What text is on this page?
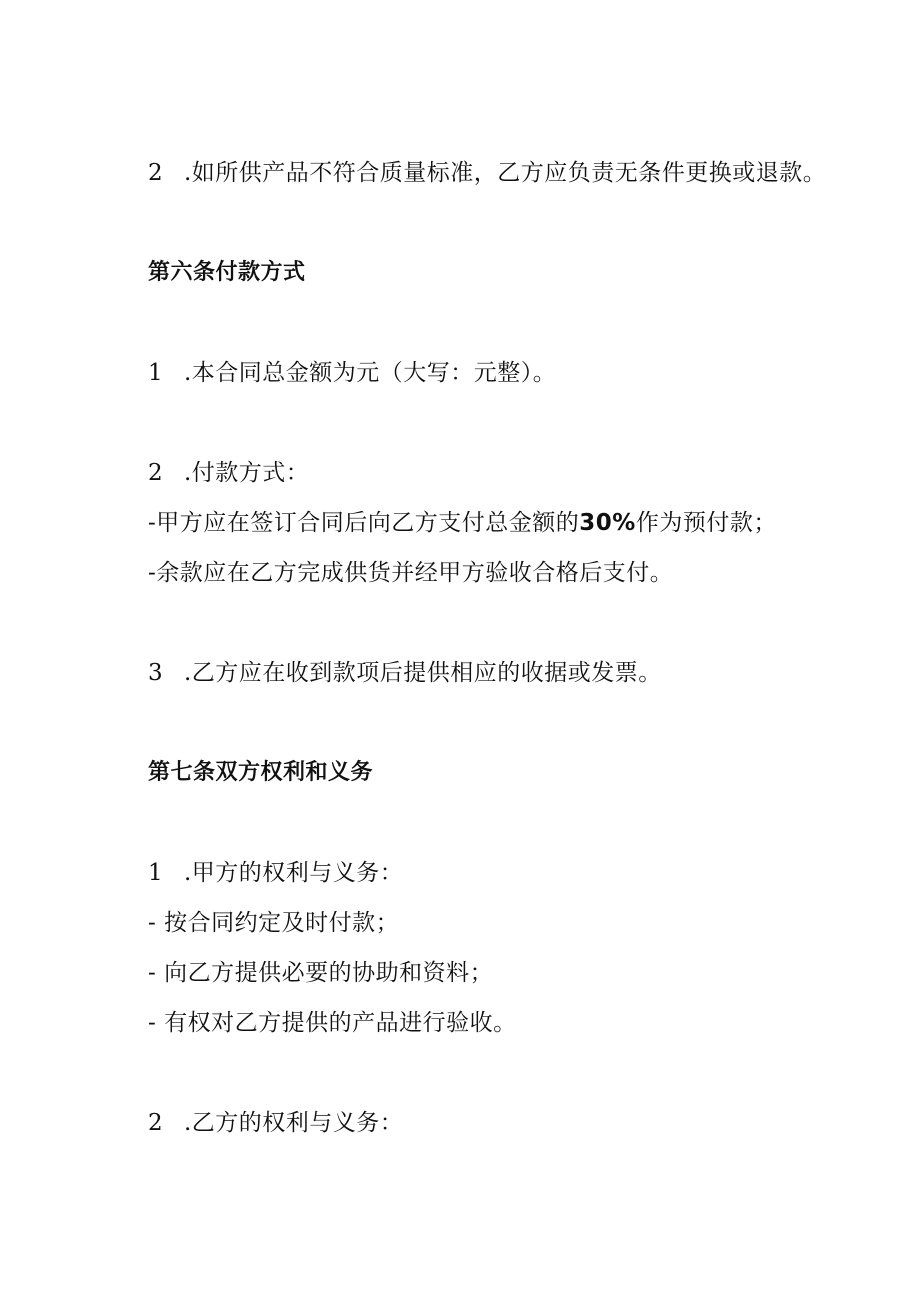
2 .如所供产品不符合质量标准，乙方应负责无条件更换或退款。
第六条付款方式
1 .本合同总金额为元（大写：元整）。
2 .付款方式：
-甲方应在签订合同后向乙方支付总金额的30%作为预付款；
-余款应在乙方完成供货并经甲方验收合格后支付。
3 .乙方应在收到款项后提供相应的收据或发票。
第七条双方权利和义务
1 .甲方的权利与义务：
- 按合同约定及时付款；
- 向乙方提供必要的协助和资料；
- 有权对乙方提供的产品进行验收。
2 .乙方的权利与义务：
